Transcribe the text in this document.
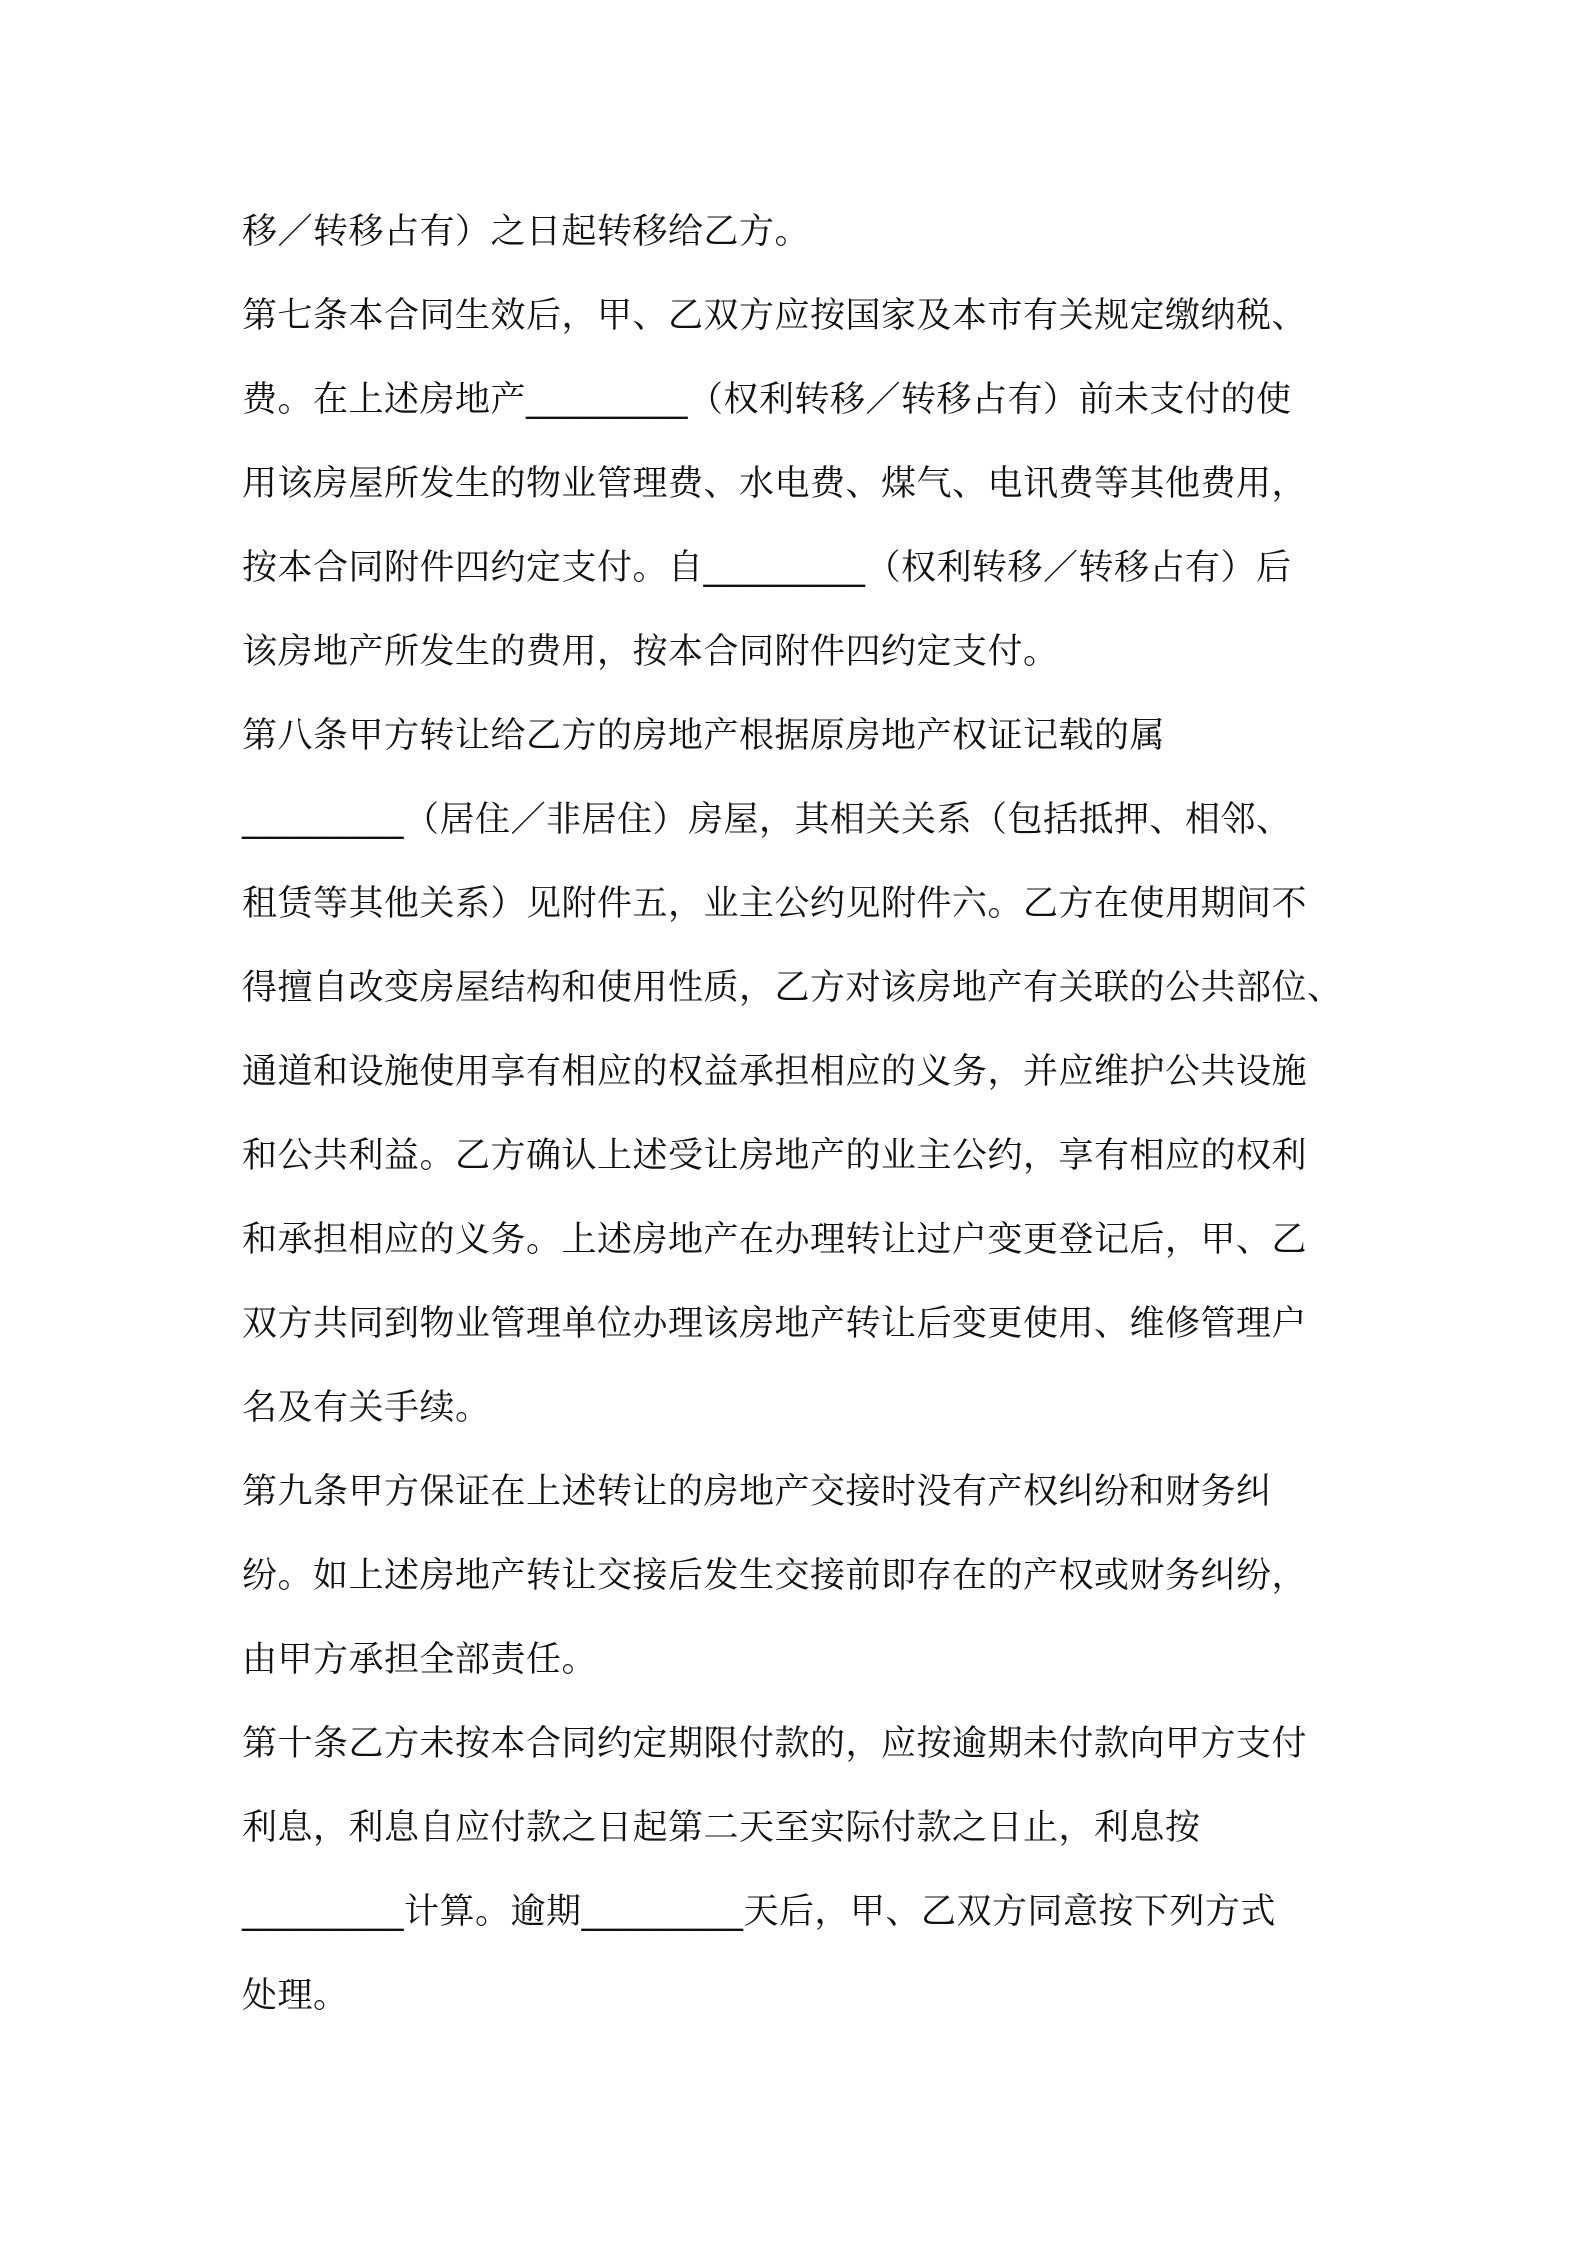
移／转移占有）之日起转移给乙方。
第七条本合同生效后，甲、乙双方应按国家及本市有关规定缴纳税、
费。在上述房地产_________（权利转移／转移占有）前未支付的使
用该房屋所发生的物业管理费、水电费、煤气、电讯费等其他费用，
按本合同附件四约定支付。自_________（权利转移／转移占有）后
该房地产所发生的费用，按本合同附件四约定支付。
第八条甲方转让给乙方的房地产根据原房地产权证记载的属
_________（居住／非居住）房屋，其相关关系（包括抵押、相邻、
租赁等其他关系）见附件五，业主公约见附件六。乙方在使用期间不
得擅自改变房屋结构和使用性质，乙方对该房地产有关联的公共部位、
通道和设施使用享有相应的权益承担相应的义务，并应维护公共设施
和公共利益。乙方确认上述受让房地产的业主公约，享有相应的权利
和承担相应的义务。上述房地产在办理转让过户变更登记后，甲、乙
双方共同到物业管理单位办理该房地产转让后变更使用、维修管理户
名及有关手续。
第九条甲方保证在上述转让的房地产交接时没有产权纠纷和财务纠
纷。如上述房地产转让交接后发生交接前即存在的产权或财务纠纷，
由甲方承担全部责任。
第十条乙方未按本合同约定期限付款的，应按逾期未付款向甲方支付
利息，利息自应付款之日起第二天至实际付款之日止，利息按
_________计算。逾期_________天后，甲、乙双方同意按下列方式
处理。
